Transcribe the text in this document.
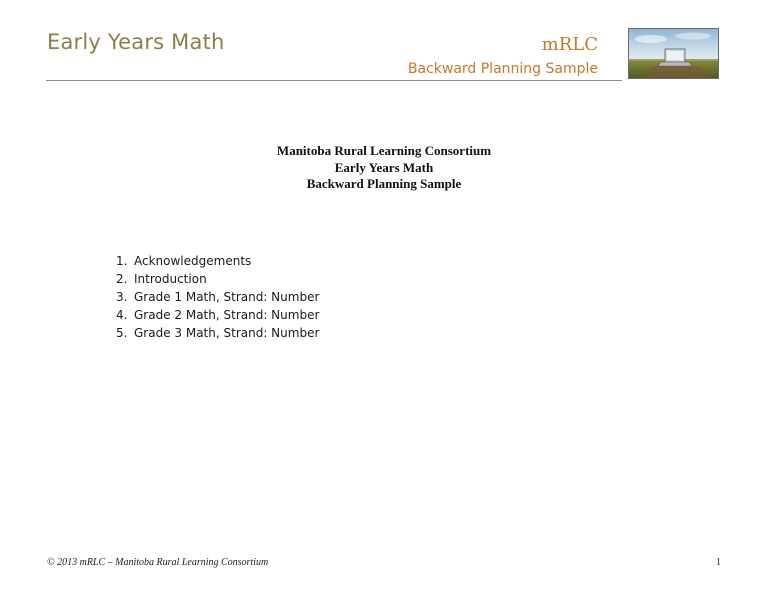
Early Years Math	mRLC
Backward Planning Sample
Manitoba Rural Learning Consortium
Early Years Math
Backward Planning Sample
1. Acknowledgements
2. Introduction
3. Grade 1 Math, Strand: Number
4. Grade 2 Math, Strand: Number
5. Grade 3 Math, Strand: Number
© 2013 mRLC – Manitoba Rural Learning Consortium	1
